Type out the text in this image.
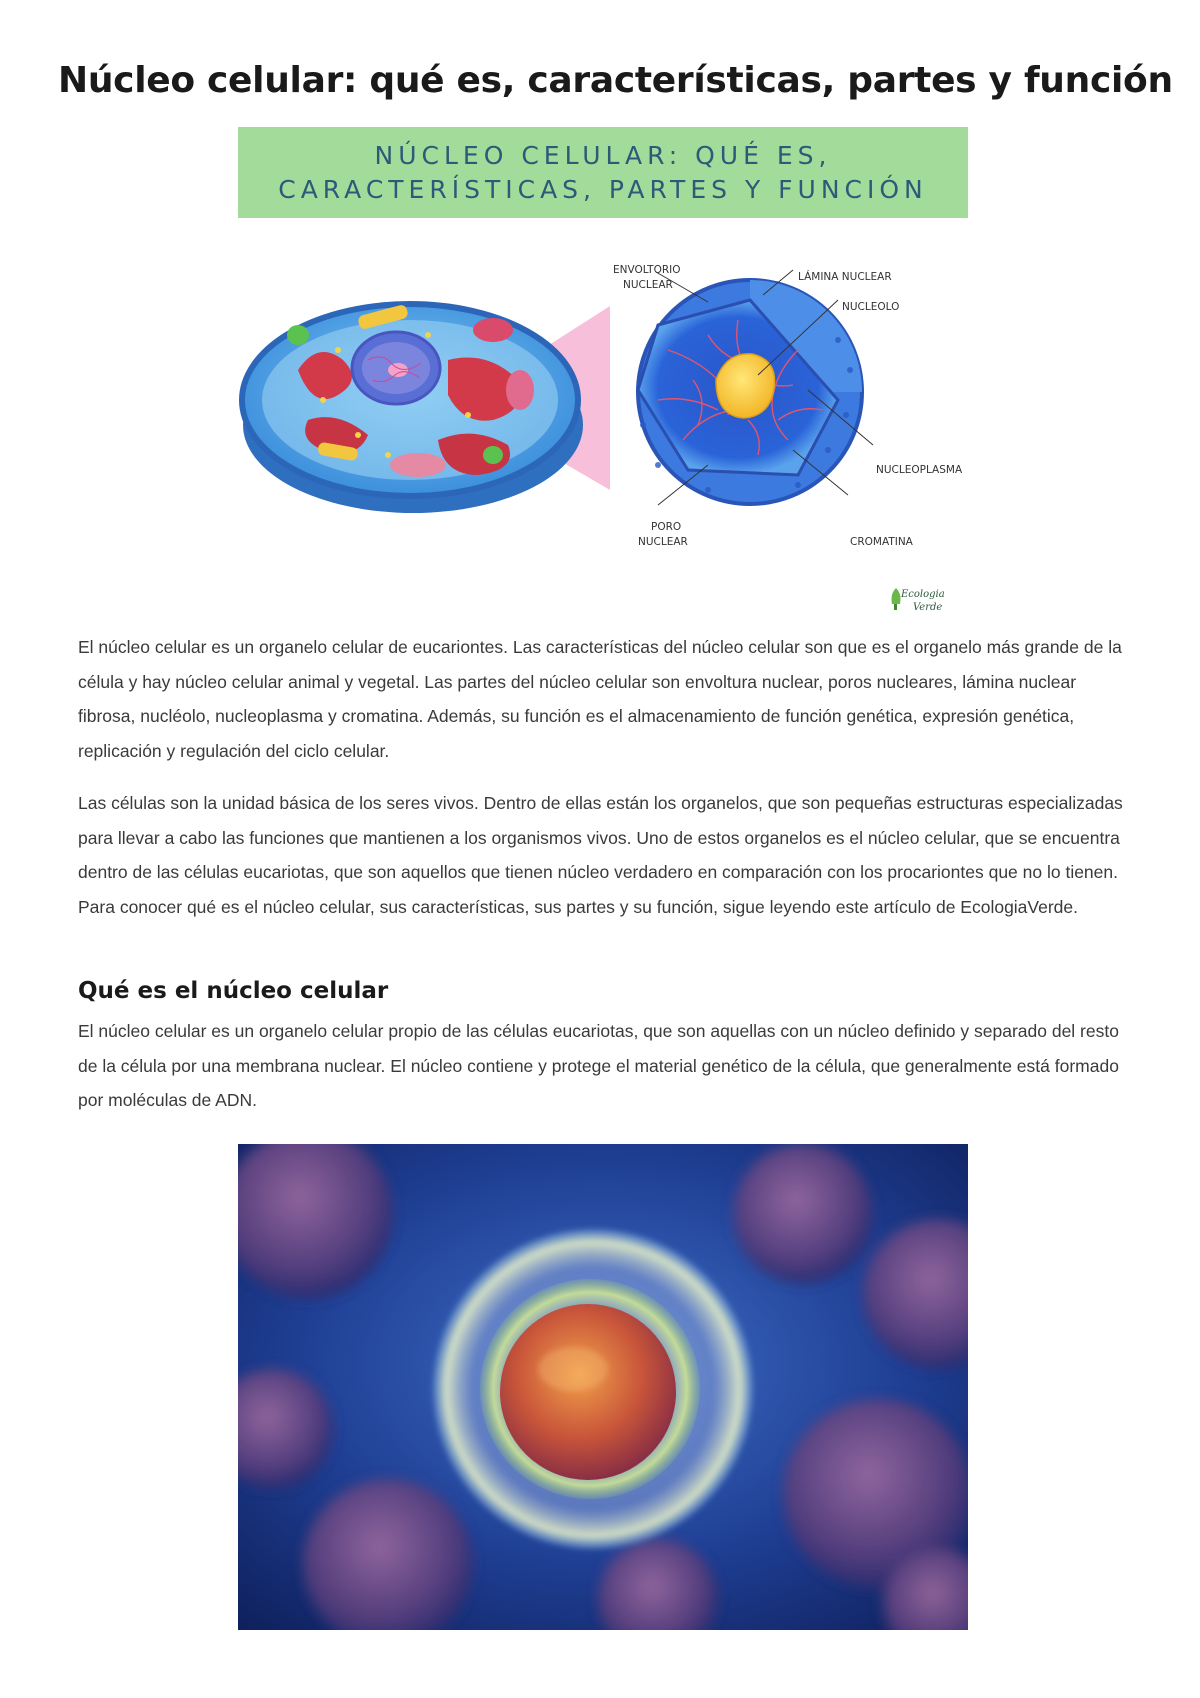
Núcleo celular: qué es, características, partes y función
NÚCLEO CELULAR: QUÉ ES,
CARACTERÍSTICAS, PARTES Y FUNCIÓN
ENVOLTORIO
NUCLEAR
LÁMINA NUCLEAR
NUCLEOLO
NUCLEOPLASMA
CROMATINA
PORO
NUCLEAR
Ecologia
Verde

El núcleo celular es un organelo celular de eucariontes. Las características del núcleo celular son que es el organelo más grande de la célula y hay núcleo celular animal y vegetal. Las partes del núcleo celular son envoltura nuclear, poros nucleares, lámina nuclear fibrosa, nucléolo, nucleoplasma y cromatina. Además, su función es el almacenamiento de función genética, expresión genética, replicación y regulación del ciclo celular.

Las células son la unidad básica de los seres vivos. Dentro de ellas están los organelos, que son pequeñas estructuras especializadas para llevar a cabo las funciones que mantienen a los organismos vivos. Uno de estos organelos es el núcleo celular, que se encuentra dentro de las células eucariotas, que son aquellos que tienen núcleo verdadero en comparación con los procariontes que no lo tienen. Para conocer qué es el núcleo celular, sus características, sus partes y su función, sigue leyendo este artículo de EcologiaVerde.

Qué es el núcleo celular

El núcleo celular es un organelo celular propio de las células eucariotas, que son aquellas con un núcleo definido y separado del resto de la célula por una membrana nuclear. El núcleo contiene y protege el material genético de la célula, que generalmente está formado por moléculas de ADN.
